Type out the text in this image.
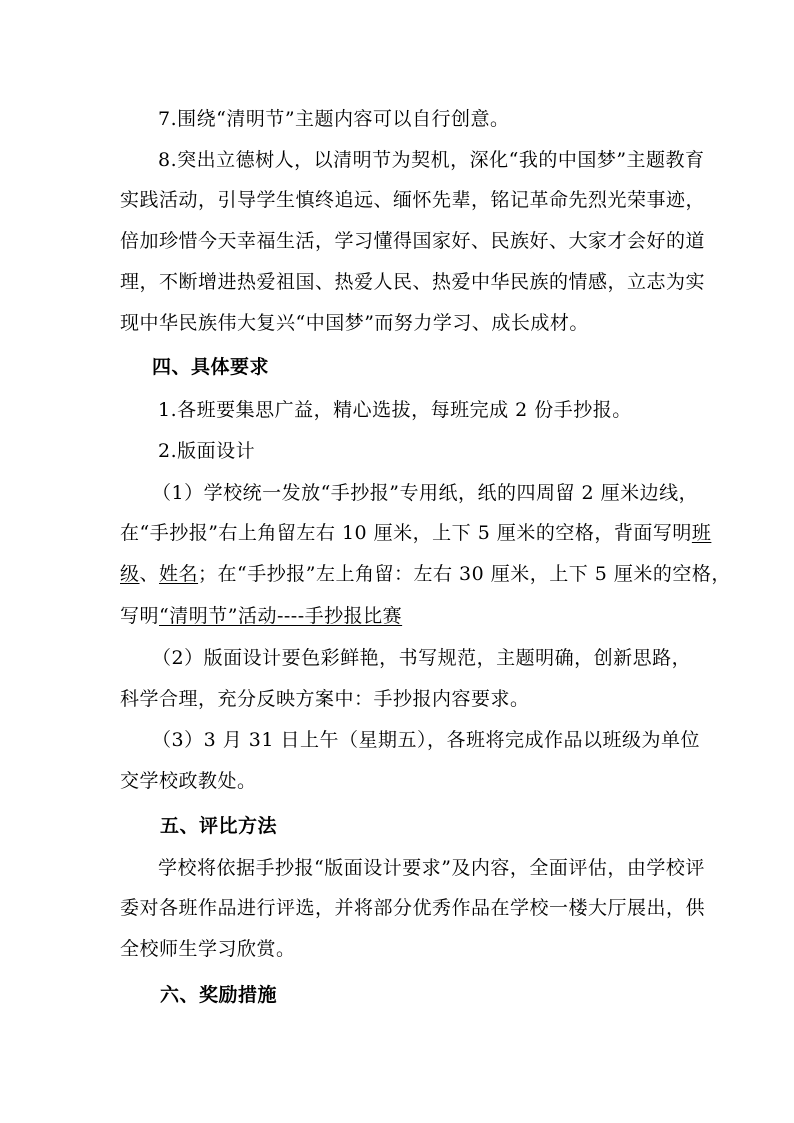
7.围绕“清明节”主题内容可以自行创意。
8.突出立德树人，以清明节为契机，深化“我的中国梦”主题教育
实践活动，引导学生慎终追远、缅怀先辈，铭记革命先烈光荣事迹，
倍加珍惜今天幸福生活，学习懂得国家好、民族好、大家才会好的道
理，不断增进热爱祖国、热爱人民、热爱中华民族的情感，立志为实
现中华民族伟大复兴“中国梦”而努力学习、成长成材。
四、具体要求
1.各班要集思广益，精心选拔，每班完成 2 份手抄报。
2.版面设计
（1）学校统一发放“手抄报”专用纸，纸的四周留 2 厘米边线，
在“手抄报”右上角留左右 10 厘米，上下 5 厘米的空格，背面写明班
级、姓名；在“手抄报”左上角留：左右 30 厘米，上下 5 厘米的空格，
写明“清明节”活动----手抄报比赛
（2）版面设计要色彩鲜艳，书写规范，主题明确，创新思路，
科学合理，充分反映方案中：手抄报内容要求。
（3）3 月 31 日上午（星期五），各班将完成作品以班级为单位
交学校政教处。
五、评比方法
学校将依据手抄报“版面设计要求”及内容，全面评估，由学校评
委对各班作品进行评选，并将部分优秀作品在学校一楼大厅展出，供
全校师生学习欣赏。
六、奖励措施
